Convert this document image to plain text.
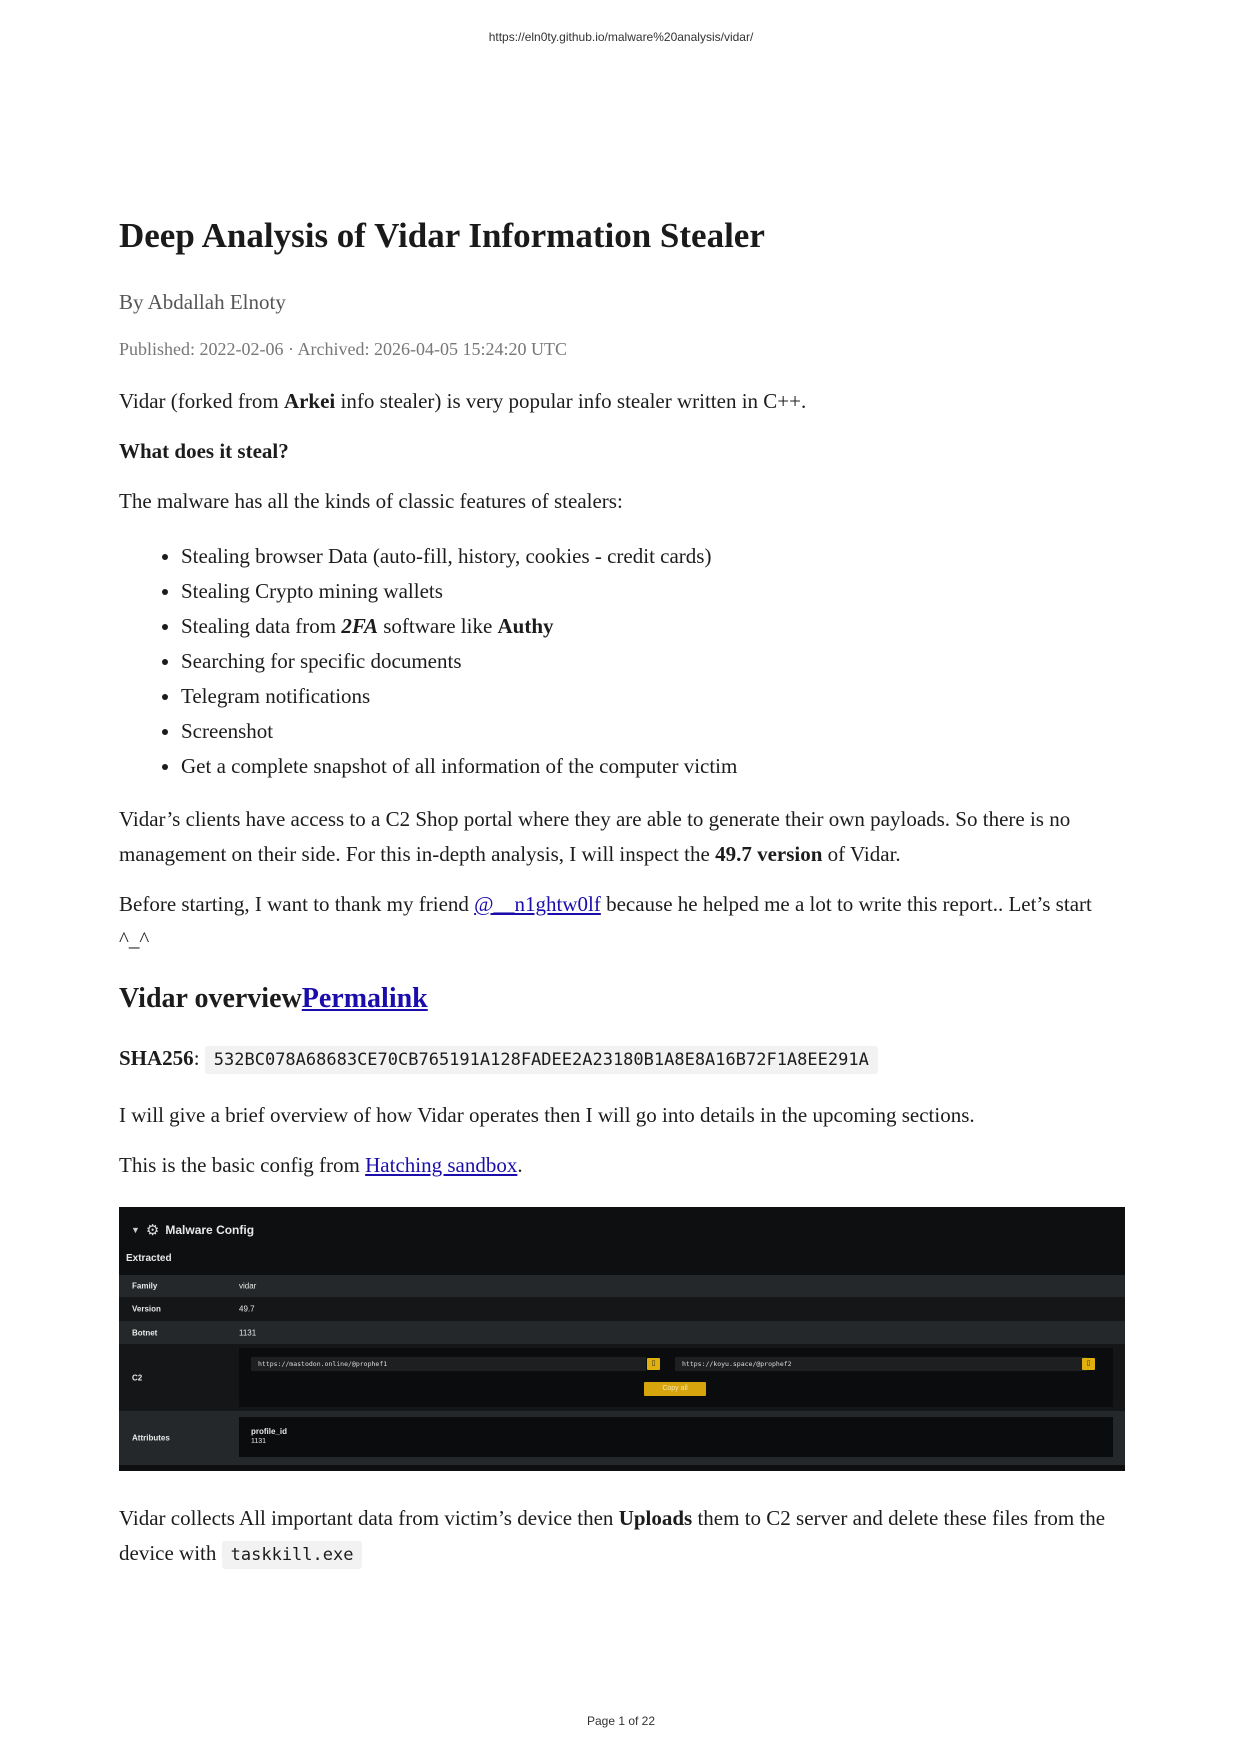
https://eln0ty.github.io/malware%20analysis/vidar/
Deep Analysis of Vidar Information Stealer
By Abdallah Elnoty
Published: 2022-02-06 · Archived: 2026-04-05 15:24:20 UTC

Vidar (forked from Arkei info stealer) is very popular info stealer written in C++.

What does it steal?

The malware has all the kinds of classic features of stealers:

• Stealing browser Data (auto-fill, history, cookies - credit cards)
• Stealing Crypto mining wallets
• Stealing data from 2FA software like Authy
• Searching for specific documents
• Telegram notifications
• Screenshot
• Get a complete snapshot of all information of the computer victim

Vidar’s clients have access to a C2 Shop portal where they are able to generate their own payloads. So there is no management on their side. For this in-depth analysis, I will inspect the 49.7 version of Vidar.

Before starting, I want to thank my friend @__n1ghtw0lf because he helped me a lot to write this report.. Let’s start ^_^

Vidar overviewPermalink

SHA256: 532BC078A68683CE70CB765191A128FADEE2A23180B1A8E8A16B72F1A8EE291A

I will give a brief overview of how Vidar operates then I will go into details in the upcoming sections.

This is the basic config from Hatching sandbox.

▼ ⚙ Malware Config
Extracted
Family	vidar
Version	49.7
Botnet	1131
C2
https://mastodon.online/@prophef1	▯	https://koyu.space/@prophef2	▯
Copy all
Attributes
profile_id
1131

Vidar collects All important data from victim’s device then Uploads them to C2 server and delete these files from the device with taskkill.exe

Page 1 of 22
